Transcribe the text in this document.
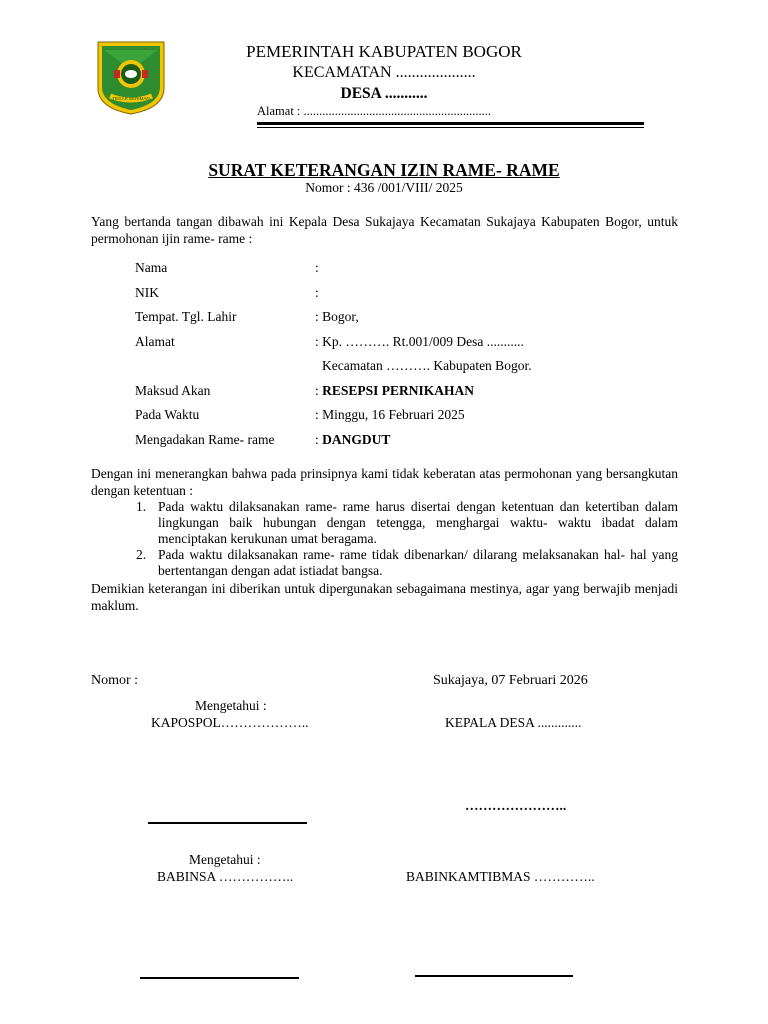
TEGAR BERIMAN
PEMERINTAH KABUPATEN BOGOR
KECAMATAN ....................
DESA ...........
Alamat : ............................................................
SURAT KETERANGAN IZIN RAME- RAME
Nomor : 436 /001/VIII/ 2025
Yang bertanda tangan dibawah ini Kepala Desa Sukajaya Kecamatan Sukajaya Kabupaten Bogor, untuk permohonan ijin rame- rame :
Nama	:
NIK	:
Tempat. Tgl. Lahir	: Bogor,
Alamat	: Kp. ………. Rt.001/009 Desa ...........
Kecamatan ………. Kabupaten Bogor.
Maksud Akan	: RESEPSI PERNIKAHAN
Pada Waktu	: Minggu, 16 Februari 2025
Mengadakan Rame- rame	: DANGDUT
Dengan ini menerangkan bahwa pada prinsipnya kami tidak keberatan atas permohonan yang bersangkutan dengan ketentuan :
1. Pada waktu dilaksanakan rame- rame harus disertai dengan ketentuan dan ketertiban dalam lingkungan baik hubungan dengan tetengga, menghargai waktu- waktu ibadat dalam menciptakan kerukunan umat beragama.
2. Pada waktu dilaksanakan rame- rame tidak dibenarkan/ dilarang melaksanakan hal- hal yang bertentangan dengan adat istiadat bangsa.
Demikian keterangan ini diberikan untuk dipergunakan sebagaimana mestinya, agar yang berwajib menjadi maklum.
Nomor :	Sukajaya, 07 Februari 2026
Mengetahui :
KAPOSPOL………………..	KEPALA DESA .............
…………………..
Mengetahui :
BABINSA ……………..	BABINKAMTIBMAS …………..
